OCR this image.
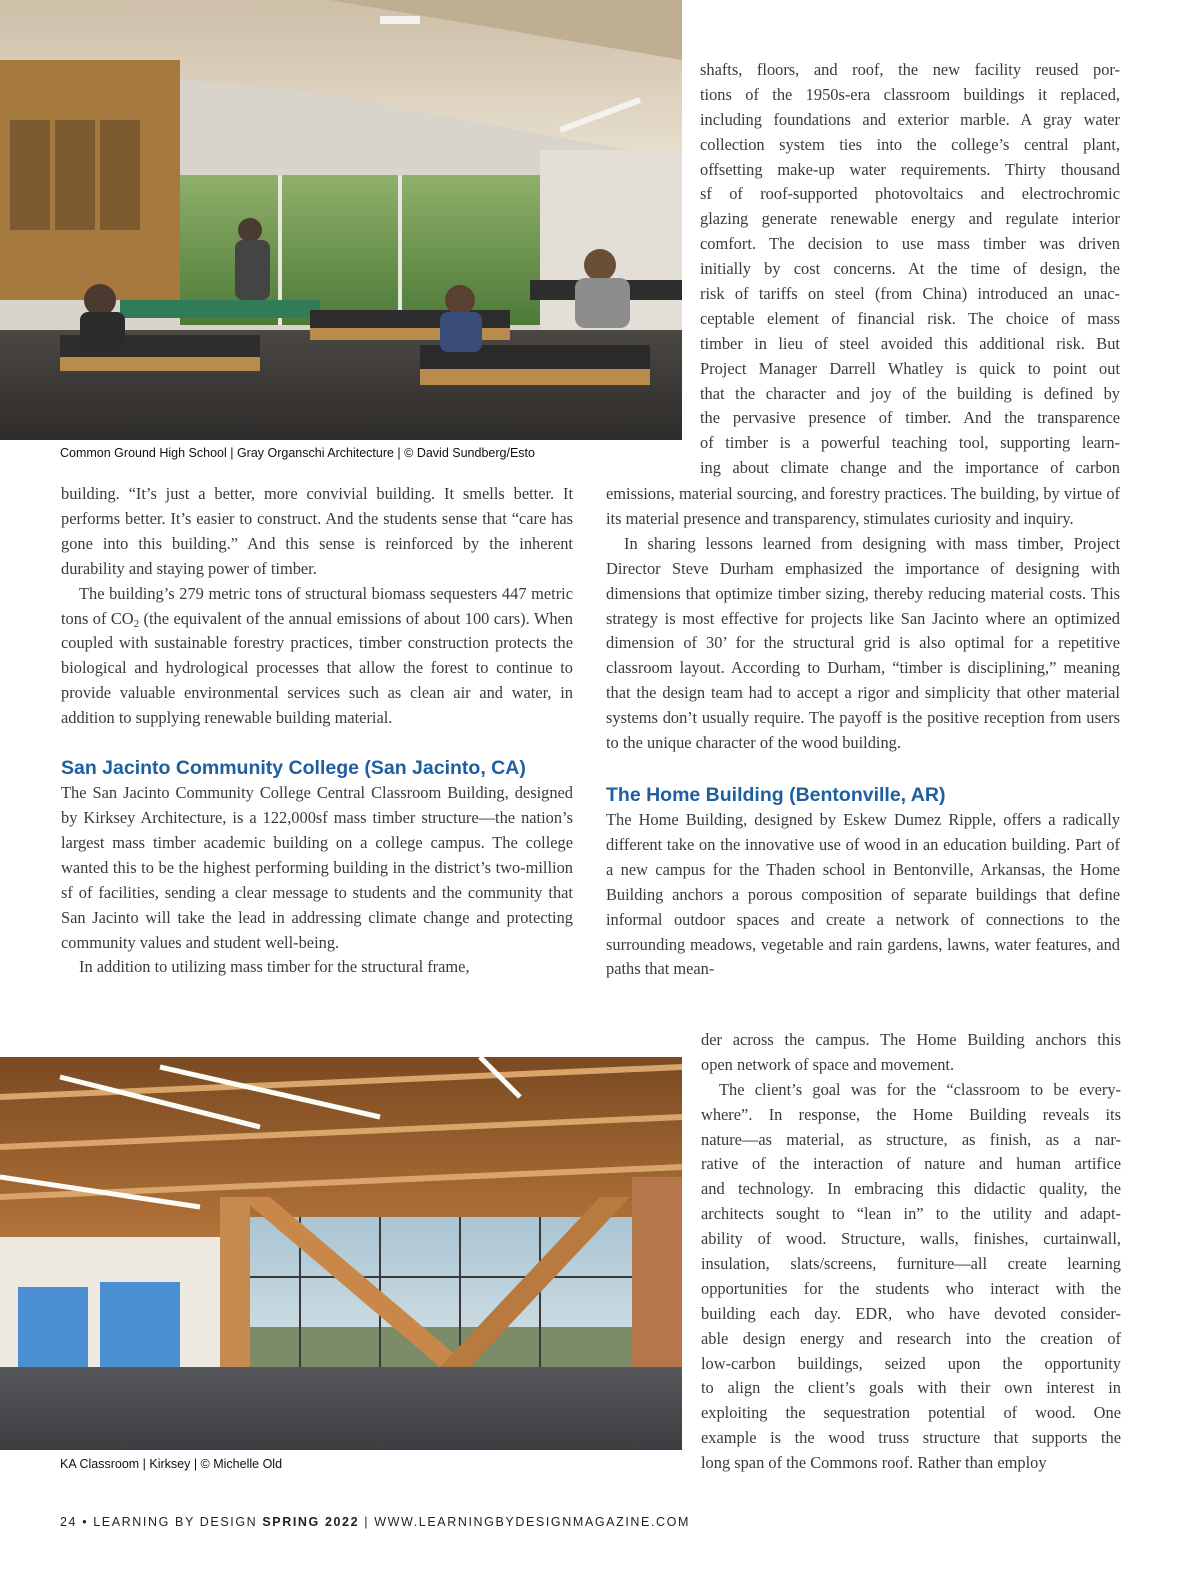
Common Ground High School | Gray Organschi Architecture | © David Sundberg/Esto
shafts, floors, and roof, the new facility reused por-
tions of the 1950s-era classroom buildings it replaced,
including foundations and exterior marble. A gray water
collection system ties into the college’s central plant,
offsetting make-up water requirements. Thirty thousand
sf of roof-supported photovoltaics and electrochromic
glazing generate renewable energy and regulate interior
comfort. The decision to use mass timber was driven
initially by cost concerns. At the time of design, the
risk of tariffs on steel (from China) introduced an unac-
ceptable element of financial risk. The choice of mass
timber in lieu of steel avoided this additional risk. But
Project Manager Darrell Whatley is quick to point out
that the character and joy of the building is defined by
the pervasive presence of timber. And the transparence
of timber is a powerful teaching tool, supporting learn-
ing about climate change and the importance of carbon

emissions, material sourcing, and forestry practices. The building, by virtue of its material presence and transparency, stimulates curiosity and inquiry.

In sharing lessons learned from designing with mass timber, Project Director Steve Durham emphasized the importance of designing with dimensions that optimize timber sizing, thereby reducing material costs. This strategy is most effective for projects like San Jacinto where an optimized dimension of 30’ for the structural grid is also optimal for a repetitive classroom layout. According to Durham, “timber is disciplining,” meaning that the design team had to accept a rigor and simplicity that other material systems don’t usually require. The payoff is the positive reception from users to the unique character of the wood building.

The Home Building (Bentonville, AR)

The Home Building, designed by Eskew Dumez Ripple, offers a radically different take on the innovative use of wood in an education building. Part of a new campus for the Thaden school in Bentonville, Arkansas, the Home Building anchors a porous composition of separate buildings that define informal outdoor spaces and create a network of connections to the surrounding meadows, vegetable and rain gardens, lawns, water features, and paths that mean-

building. “It’s just a better, more convivial building. It smells better. It performs better. It’s easier to construct. And the students sense that “care has gone into this building.” And this sense is reinforced by the inherent durability and staying power of timber.

The building’s 279 metric tons of structural biomass sequesters 447 metric tons of $CO_2$ (the equivalent of the annual emissions of about 100 cars). When coupled with sustainable forestry practices, timber construction protects the biological and hydrological processes that allow the forest to continue to provide valuable environmental services such as clean air and water, in addition to supplying renewable building material.

San Jacinto Community College (San Jacinto, CA)

The San Jacinto Community College Central Classroom Building, designed by Kirksey Architecture, is a 122,000sf mass timber structure—the nation’s largest mass timber academic building on a college campus. The college wanted this to be the highest performing building in the district’s two-million sf of facilities, sending a clear message to students and the community that San Jacinto will take the lead in addressing climate change and protecting community values and student well-being.

In addition to utilizing mass timber for the structural frame,

KA Classroom | Kirksey | © Michelle Old
der across the campus. The Home Building anchors this
open network of space and movement.
The client’s goal was for the “classroom to be every-
where”. In response, the Home Building reveals its
nature—as material, as structure, as finish, as a nar-
rative of the interaction of nature and human artifice
and technology. In embracing this didactic quality, the
architects sought to “lean in” to the utility and adapt-
ability of wood. Structure, walls, finishes, curtainwall,
insulation, slats/screens, furniture—all create learning
opportunities for the students who interact with the
building each day. EDR, who have devoted consider-
able design energy and research into the creation of
low-carbon buildings, seized upon the opportunity
to align the client’s goals with their own interest in
exploiting the sequestration potential of wood. One
example is the wood truss structure that supports the
long span of the Commons roof. Rather than employ
24 • LEARNING BY DESIGN SPRING 2022 | WWW.LEARNINGBYDESIGNMAGAZINE.COM
